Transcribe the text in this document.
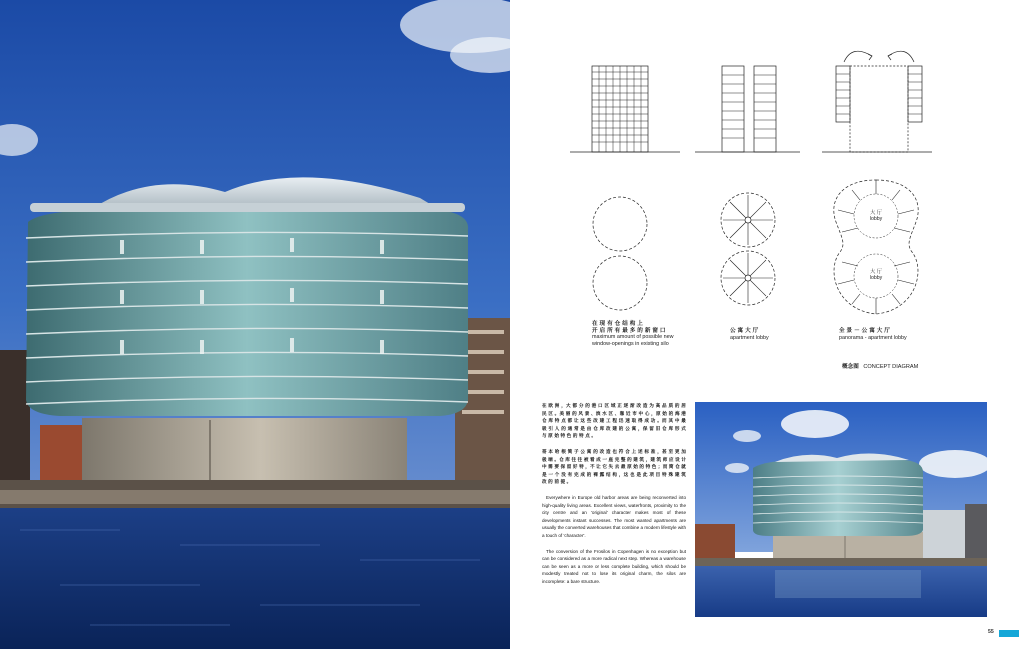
大 厅
lobby
大 厅
lobby
在 现 有 仓 结 构 上
开 启 所 有 最 多 的 新 窗 口
maximum amount of possible new window-openings in existing silo
公 寓 大 厅
apartment lobby
全 景 － 公 寓 大 厅
panorama - apartment lobby
概念图 CONCEPT DIAGRAM

在 欧 洲 ，大 都 分 的 港 口 区 域 正 逐 渐 改 造 为 高 品 质 的 居 民 区 。美 丽 的 风 景 、滨 水 区 、靠 近 市 中 心 ，原 始 的 海 港 仓 库 特 点 都 让 这 些 改 建 工 程 迅 速 取 得 成 功 。而 其 中 最 吸 引 人 的 通 常 是 由 仓 库 改 建 的 公 寓 ，保 留 旧 仓 库 形 式 与 原 始 特 色 的 特 点 。

哥 本 哈 根 筒 子 公 寓 的 改 造 也 符 合 上 述 标 准 ，甚 至 更 加 极 端 。仓 库 往 往 被 看 成 一 座 完 整 的 建 筑 ，建 筑 师 应 设 计 中 需 要 保 留 好 特 ，不 让 它 失 去 最 原 始 的 特 色 ；而 筒 仓 就 是 一 个 没 有 完 成 的 裸 露 结 构 ，这 也 是 此 项 目 特 殊 建 筑 改 的 前 提 。

Everywhere in Europe old harbor areas are being reconverted into high-quality living areas. Excellent views, waterfronts, proximity to the city centre and an 'original' character makes most of these developments instant successes. The most wanted apartments are usually the converted warehouses that combine a modern lifestyle with a touch of 'character'.

The conversion of the Frosilos in Copenhagen is no exception but can be considered as a more radical next step. Whereas a warehouse can be seen as a more or less complete building, which should be modestly treated not to lose its original charm, the silos are incomplete: a bare structure.

55
